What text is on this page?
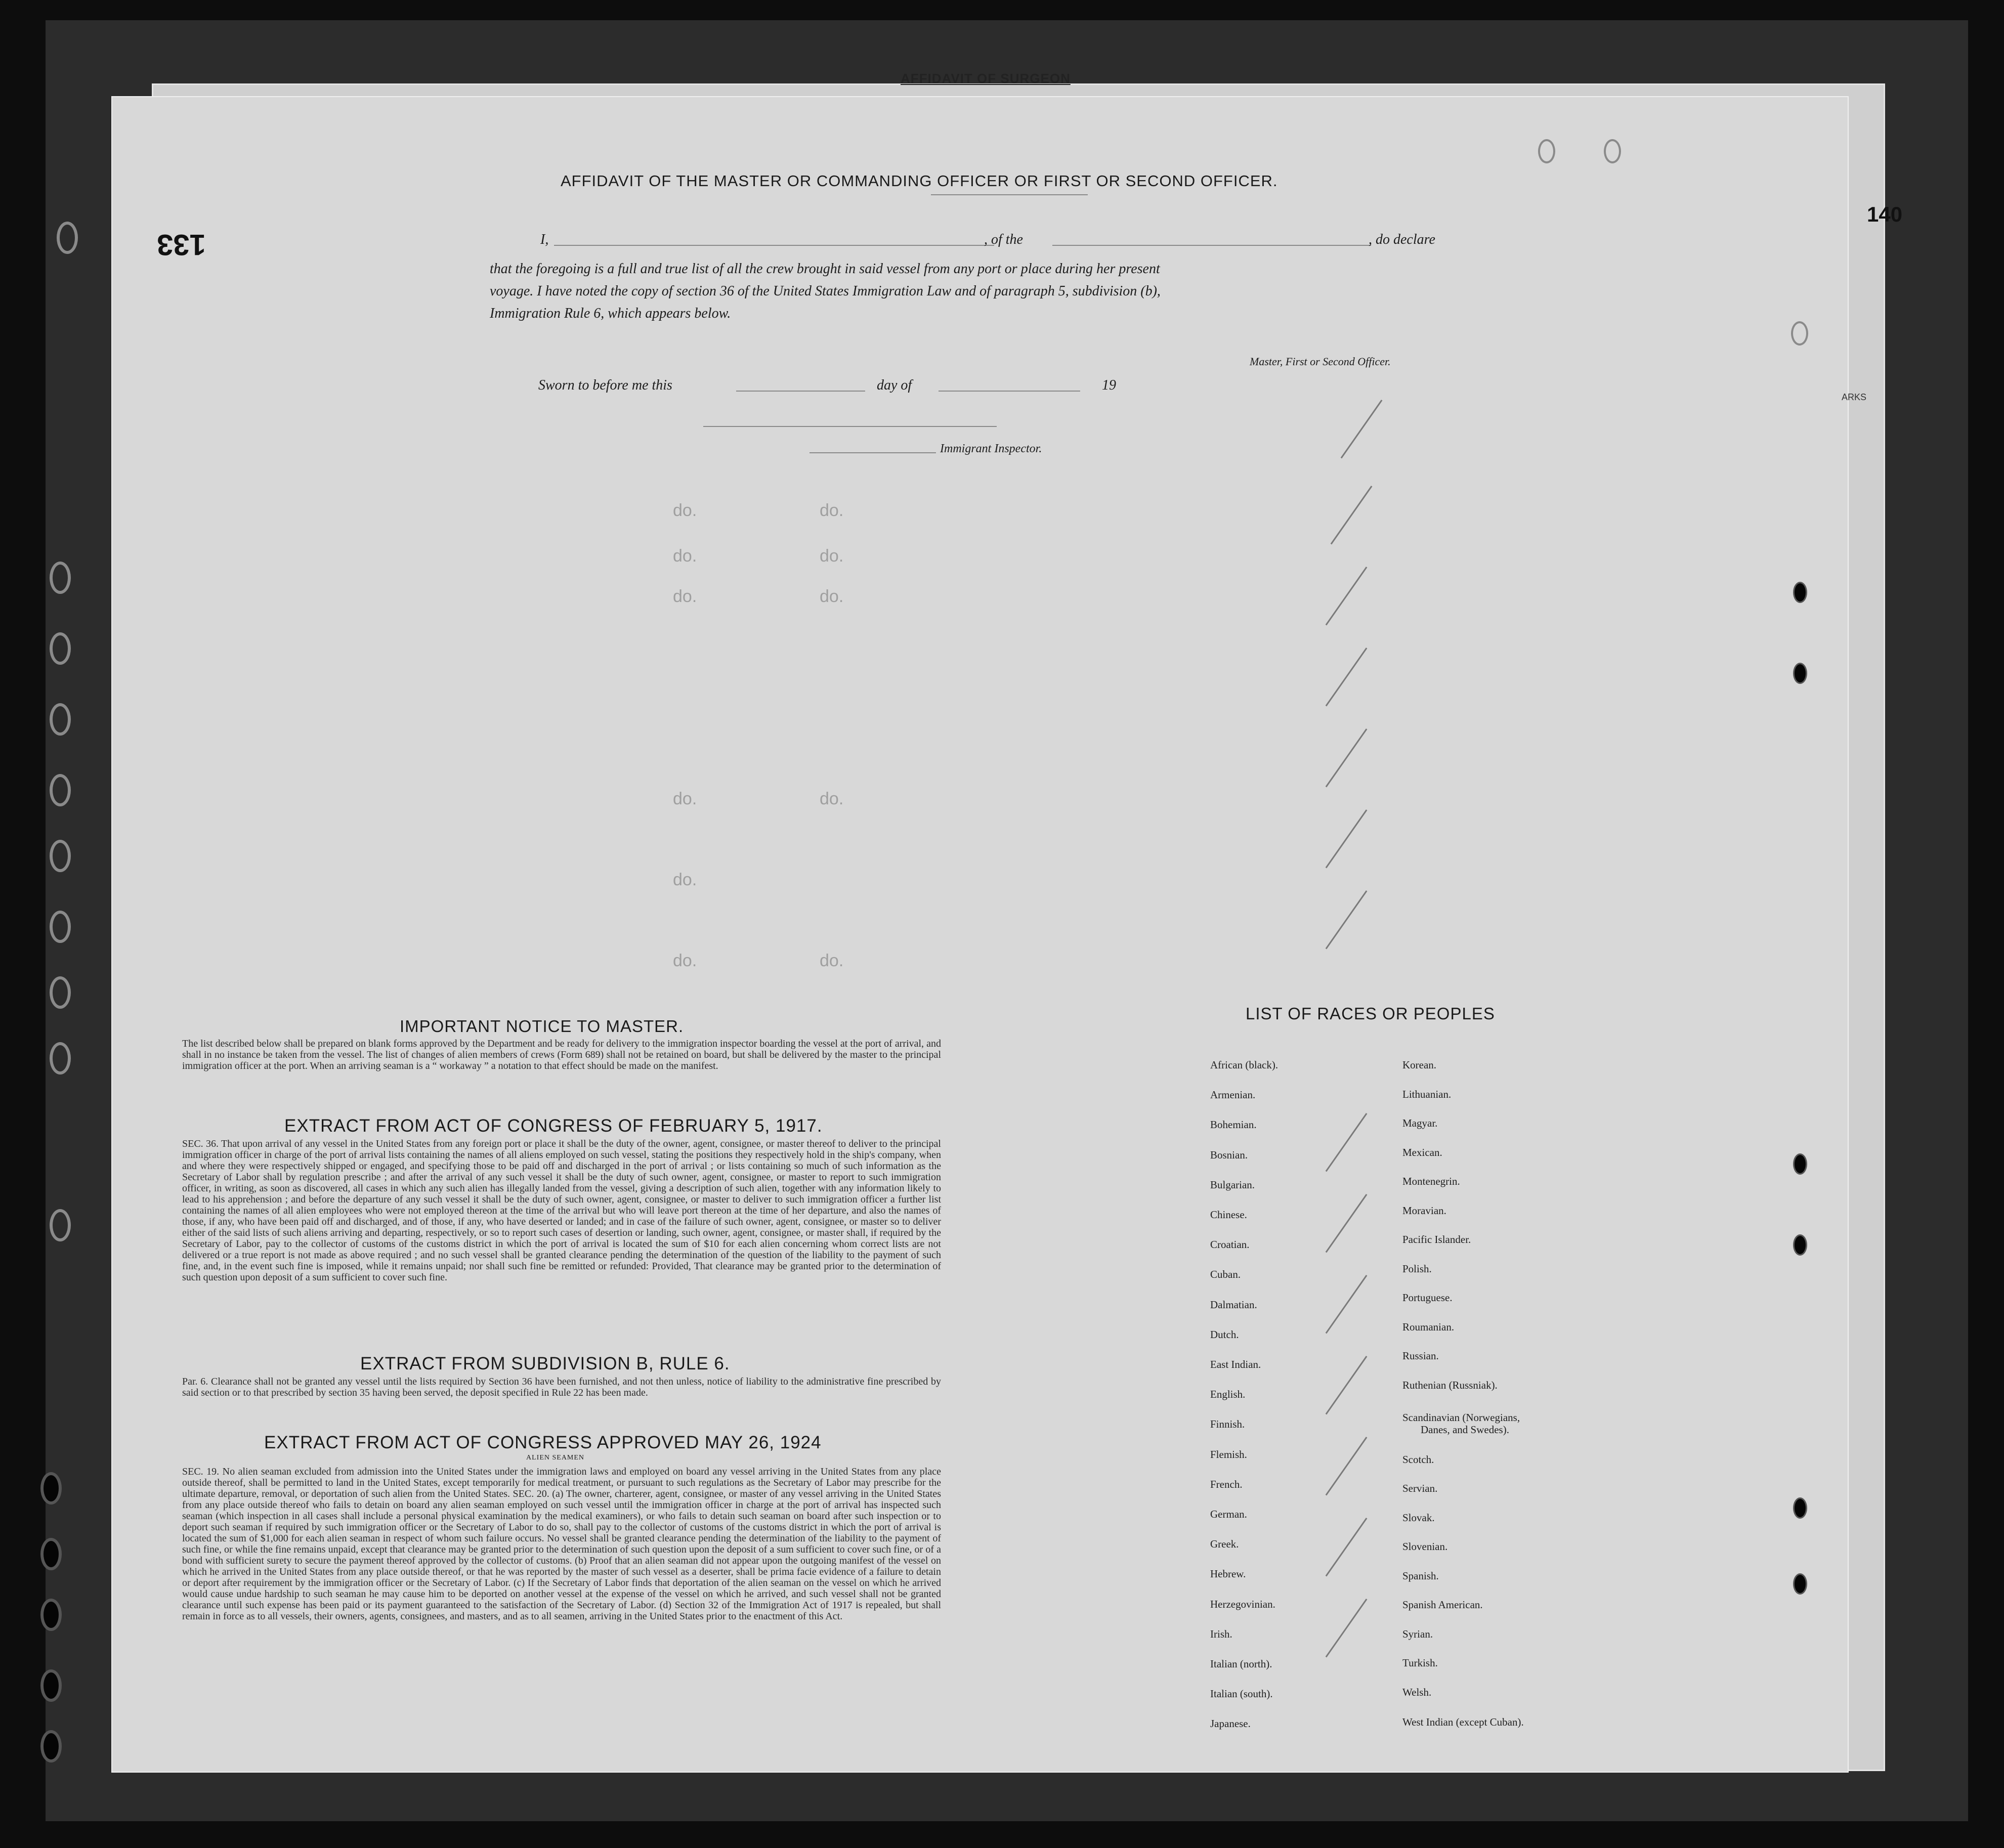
AFFIDAVIT OF SURGEON
133
140
do.
do.
do.
do.
do.
do.
do.
do.
do.
do.
do.
ARKS
AFFIDAVIT OF THE MASTER OR COMMANDING OFFICER OR FIRST OR SECOND OFFICER.
I,	, of the	, do declare
that the foregoing is a full and true list of all the crew brought in said vessel from any port or place during her present
voyage. I have noted the copy of section 36 of the United States Immigration Law and of paragraph 5, subdivision (b),
Immigration Rule 6, which appears below.
Master, First or Second Officer.
Sworn to before me this	day of	19
Immigrant Inspector.
IMPORTANT NOTICE TO MASTER.
The list described below shall be prepared on blank forms approved by the Department and be ready for delivery to the immigration inspector boarding the vessel at the port of arrival, and shall in no instance be taken from the vessel. The list of changes of alien members of crews (Form 689) shall not be retained on board, but shall be delivered by the master to the principal immigration officer at the port. When an arriving seaman is a “ workaway ” a notation to that effect should be made on the manifest.
EXTRACT FROM ACT OF CONGRESS OF FEBRUARY 5, 1917.
SEC. 36. That upon arrival of any vessel in the United States from any foreign port or place it shall be the duty of the owner, agent, consignee, or master thereof to deliver to the principal immigration officer in charge of the port of arrival lists containing the names of all aliens employed on such vessel, stating the positions they respectively hold in the ship's company, when and where they were respectively shipped or engaged, and specifying those to be paid off and discharged in the port of arrival ; or lists containing so much of such information as the Secretary of Labor shall by regulation prescribe ; and after the arrival of any such vessel it shall be the duty of such owner, agent, consignee, or master to report to such immigration officer, in writing, as soon as discovered, all cases in which any such alien has illegally landed from the vessel, giving a description of such alien, together with any information likely to lead to his apprehension ; and before the departure of any such vessel it shall be the duty of such owner, agent, consignee, or master to deliver to such immigration officer a further list containing the names of all alien employees who were not employed thereon at the time of the arrival but who will leave port thereon at the time of her departure, and also the names of those, if any, who have been paid off and discharged, and of those, if any, who have deserted or landed; and in case of the failure of such owner, agent, consignee, or master so to deliver either of the said lists of such aliens arriving and departing, respectively, or so to report such cases of desertion or landing, such owner, agent, consignee, or master shall, if required by the Secretary of Labor, pay to the collector of customs of the customs district in which the port of arrival is located the sum of $10 for each alien concerning whom correct lists are not delivered or a true report is not made as above required ; and no such vessel shall be granted clearance pending the determination of the question of the liability to the payment of such fine, and, in the event such fine is imposed, while it remains unpaid; nor shall such fine be remitted or refunded: Provided, That clearance may be granted prior to the determination of such question upon deposit of a sum sufficient to cover such fine.
EXTRACT FROM SUBDIVISION B, RULE 6.
Par. 6. Clearance shall not be granted any vessel until the lists required by Section 36 have been furnished, and not then unless, notice of liability to the administrative fine prescribed by said section or to that prescribed by section 35 having been served, the deposit specified in Rule 22 has been made.
EXTRACT FROM ACT OF CONGRESS APPROVED MAY 26, 1924
ALIEN SEAMEN
SEC. 19. No alien seaman excluded from admission into the United States under the immigration laws and employed on board any vessel arriving in the United States from any place outside thereof, shall be permitted to land in the United States, except temporarily for medical treatment, or pursuant to such regulations as the Secretary of Labor may prescribe for the ultimate departure, removal, or deportation of such alien from the United States. SEC. 20. (a) The owner, charterer, agent, consignee, or master of any vessel arriving in the United States from any place outside thereof who fails to detain on board any alien seaman employed on such vessel until the immigration officer in charge at the port of arrival has inspected such seaman (which inspection in all cases shall include a personal physical examination by the medical examiners), or who fails to detain such seaman on board after such inspection or to deport such seaman if required by such immigration officer or the Secretary of Labor to do so, shall pay to the collector of customs of the customs district in which the port of arrival is located the sum of $1,000 for each alien seaman in respect of whom such failure occurs. No vessel shall be granted clearance pending the determination of the liability to the payment of such fine, or while the fine remains unpaid, except that clearance may be granted prior to the determination of such question upon the deposit of a sum sufficient to cover such fine, or of a bond with sufficient surety to secure the payment thereof approved by the collector of customs. (b) Proof that an alien seaman did not appear upon the outgoing manifest of the vessel on which he arrived in the United States from any place outside thereof, or that he was reported by the master of such vessel as a deserter, shall be prima facie evidence of a failure to detain or deport after requirement by the immigration officer or the Secretary of Labor. (c) If the Secretary of Labor finds that deportation of the alien seaman on the vessel on which he arrived would cause undue hardship to such seaman he may cause him to be deported on another vessel at the expense of the vessel on which he arrived, and such vessel shall not be granted clearance until such expense has been paid or its payment guaranteed to the satisfaction of the Secretary of Labor. (d) Section 32 of the Immigration Act of 1917 is repealed, but shall remain in force as to all vessels, their owners, agents, consignees, and masters, and as to all seamen, arriving in the United States prior to the enactment of this Act.
LIST OF RACES OR PEOPLES
African (black).
Armenian.
Bohemian.
Bosnian.
Bulgarian.
Chinese.
Croatian.
Cuban.
Dalmatian.
Dutch.
East Indian.
English.
Finnish.
Flemish.
French.
German.
Greek.
Hebrew.
Herzegovinian.
Irish.
Italian (north).
Italian (south).
Japanese.
Korean.
Lithuanian.
Magyar.
Mexican.
Montenegrin.
Moravian.
Pacific Islander.
Polish.
Portuguese.
Roumanian.
Russian.
Ruthenian (Russniak).
Scandinavian (Norwegians,
Danes, and Swedes).
Scotch.
Servian.
Slovak.
Slovenian.
Spanish.
Spanish American.
Syrian.
Turkish.
Welsh.
West Indian (except Cuban).
